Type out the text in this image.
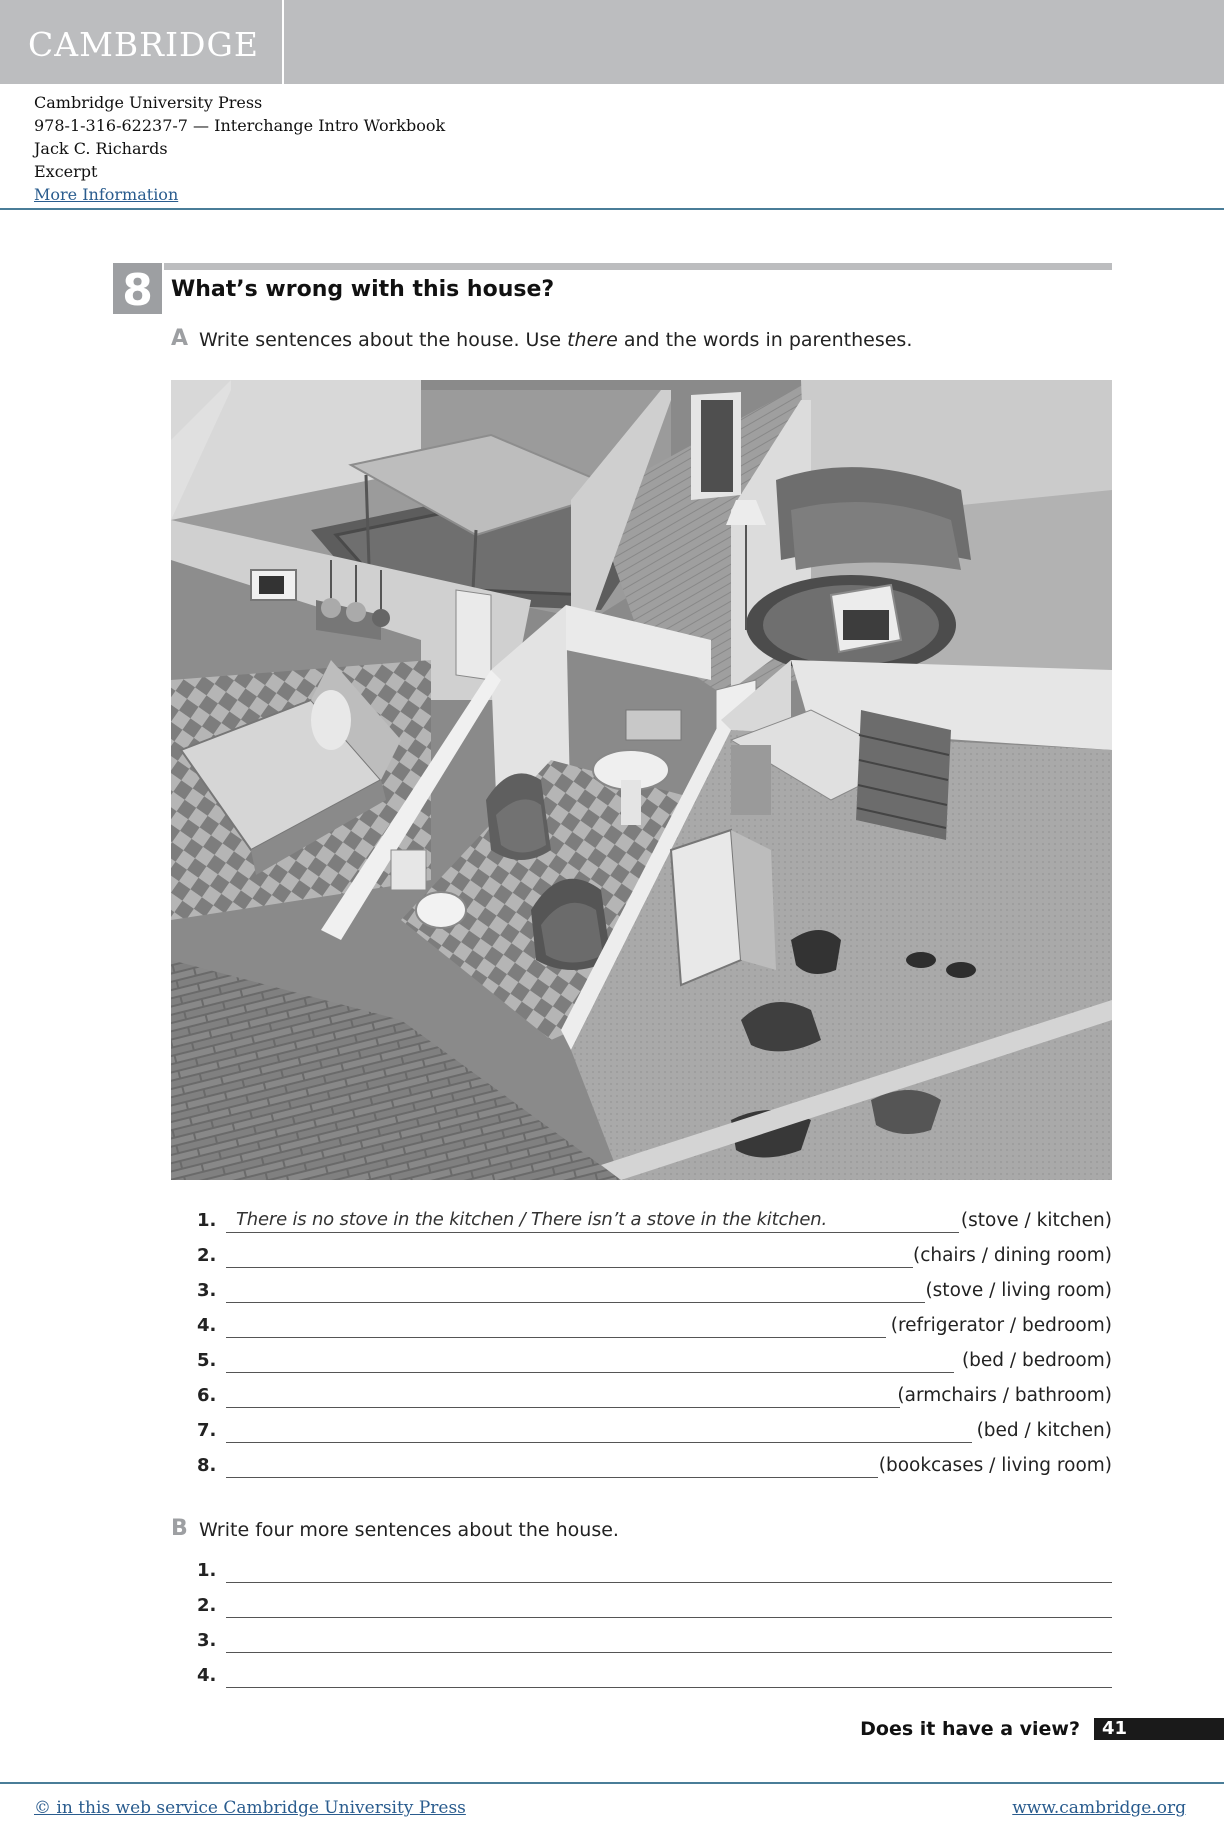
CAMBRIDGE
Cambridge University Press
978-1-316-62237-7 — Interchange Intro Workbook
Jack C. Richards
Excerpt
More Information
8 What’s wrong with this house?
A Write sentences about the house. Use there and the words in parentheses.
1. There is no stove in the kitchen / There isn’t a stove in the kitchen.	(stove / kitchen)
2.	(chairs / dining room)
3.	(stove / living room)
4.	(refrigerator / bedroom)
5.	(bed / bedroom)
6.	(armchairs / bathroom)
7.	(bed / kitchen)
8.	(bookcases / living room)
B Write four more sentences about the house.
1.
2.
3.
4.
Does it have a view? 41
© in this web service Cambridge University Press	www.cambridge.org
